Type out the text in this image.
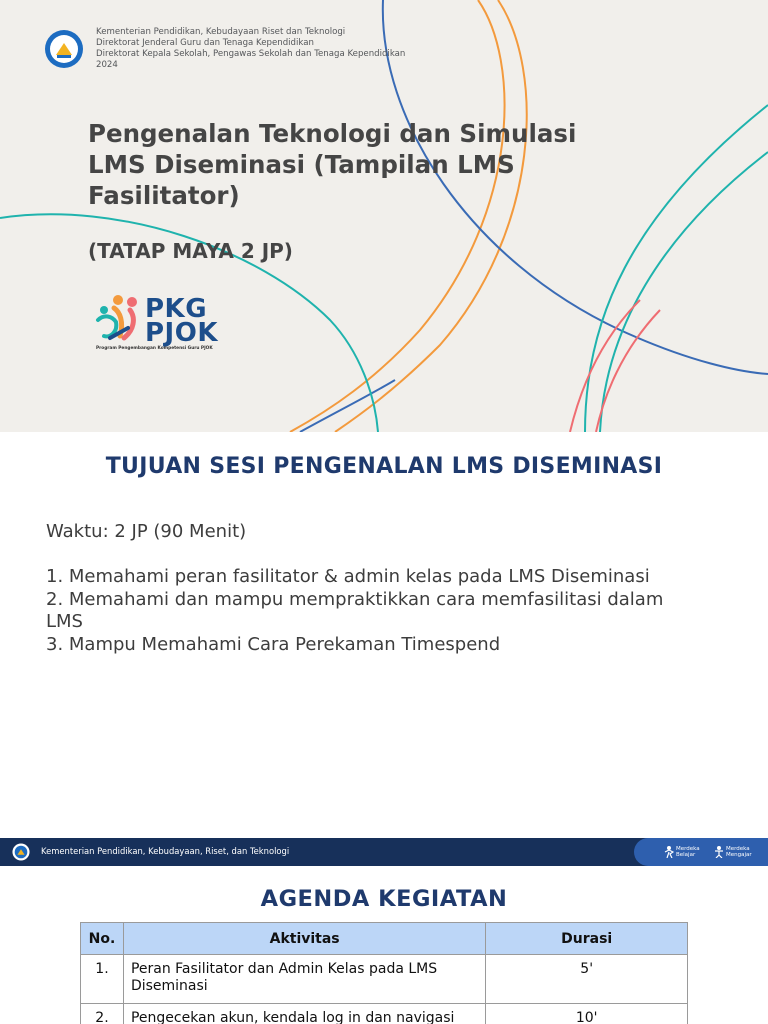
Kementerian Pendidikan, Kebudayaan Riset dan Teknologi
Direktorat Jenderal Guru dan Tenaga Kependidikan
Direktorat Kepala Sekolah, Pengawas Sekolah dan Tenaga Kependidikan
2024
Pengenalan Teknologi dan Simulasi LMS Diseminasi (Tampilan LMS Fasilitator)
(TATAP MAYA 2 JP)
PKG
PJOK
Program Pengembangan Kompetensi Guru PJOK
TUJUAN SESI PENGENALAN LMS DISEMINASI
Waktu: 2 JP (90 Menit)
1. Memahami peran fasilitator & admin kelas pada LMS Diseminasi
2. Memahami dan mampu mempraktikkan cara memfasilitasi dalam LMS
3. Mampu Memahami Cara Perekaman Timespend
Kementerian Pendidikan, Kebudayaan, Riset, dan Teknologi	Merdeka
Belajar
Merdeka
Mengajar
AGENDA KEGIATAN
No.	Aktivitas	Durasi
1.	Peran Fasilitator dan Admin Kelas pada LMS Diseminasi	5'
2.	Pengecekan akun, kendala log in dan navigasi	10'
